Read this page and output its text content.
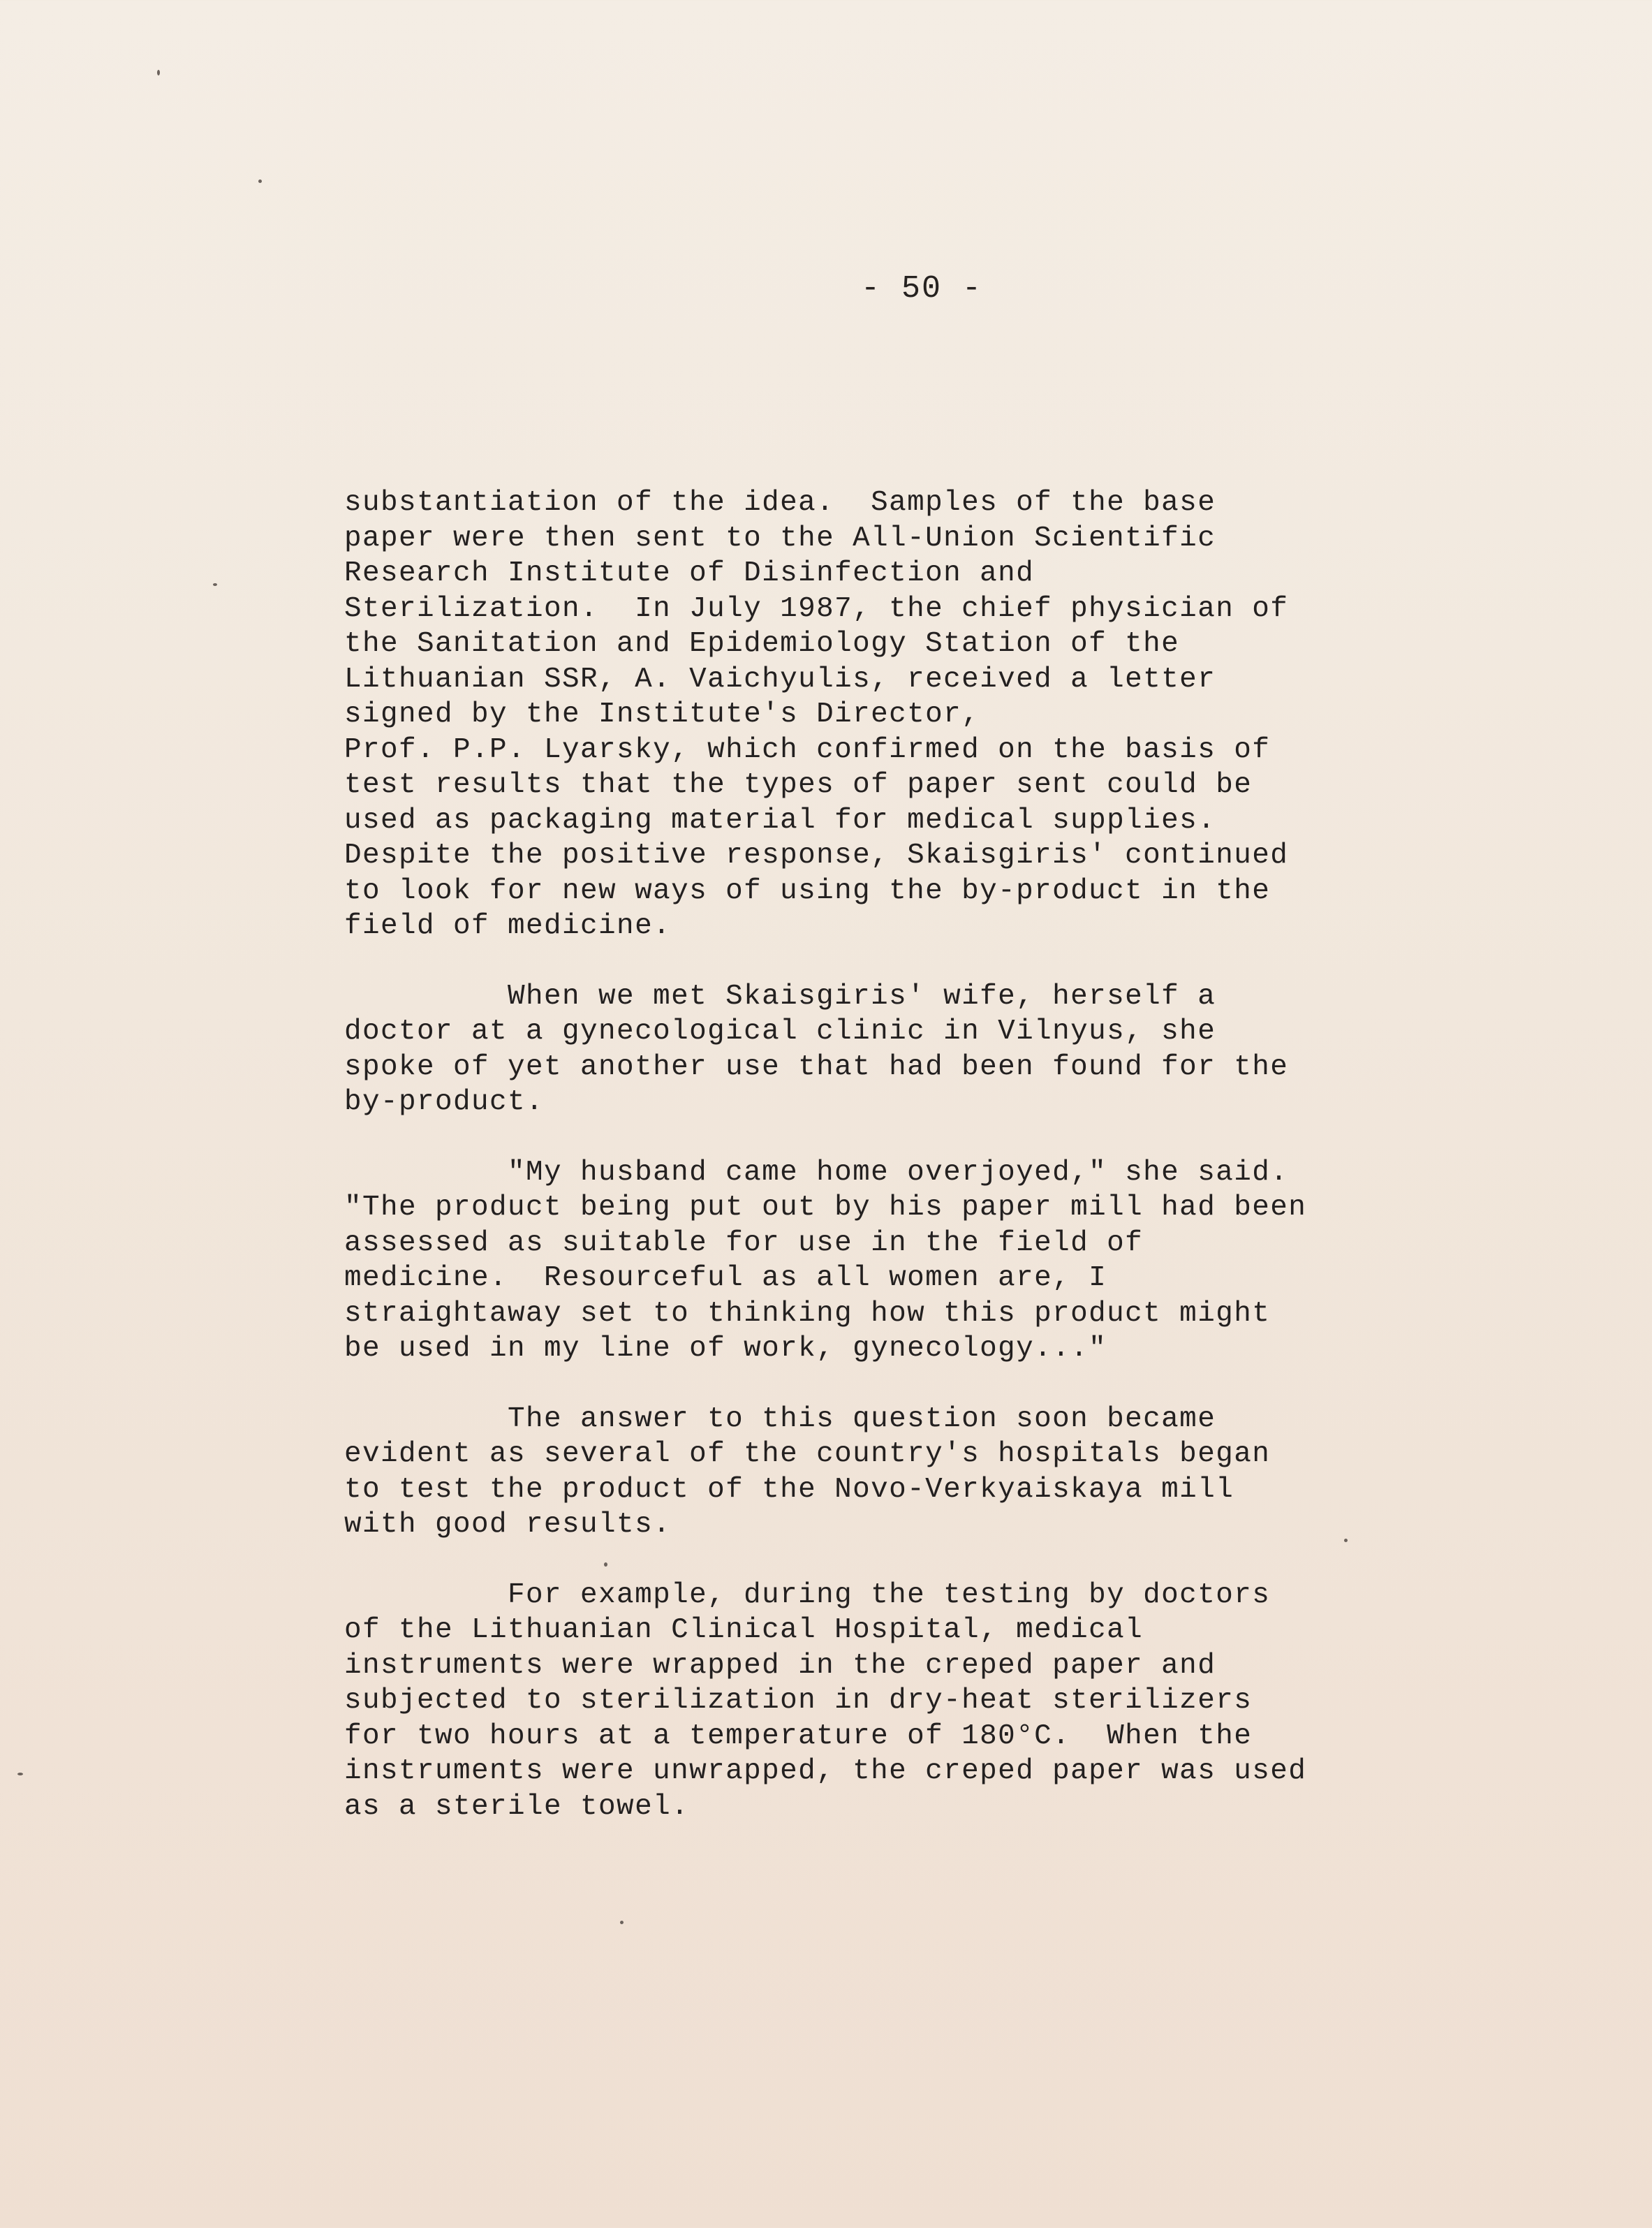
- 50 -

substantiation of the idea.  Samples of the base
paper were then sent to the All-Union Scientific
Research Institute of Disinfection and
Sterilization.  In July 1987, the chief physician of
the Sanitation and Epidemiology Station of the
Lithuanian SSR, A. Vaichyulis, received a letter
signed by the Institute's Director,
Prof. P.P. Lyarsky, which confirmed on the basis of
test results that the types of paper sent could be
used as packaging material for medical supplies.
Despite the positive response, Skaisgiris' continued
to look for new ways of using the by-product in the
field of medicine.

When we met Skaisgiris' wife, herself a
doctor at a gynecological clinic in Vilnyus, she
spoke of yet another use that had been found for the
by-product.

"My husband came home overjoyed," she said.
"The product being put out by his paper mill had been
assessed as suitable for use in the field of
medicine.  Resourceful as all women are, I
straightaway set to thinking how this product might
be used in my line of work, gynecology..."

The answer to this question soon became
evident as several of the country's hospitals began
to test the product of the Novo-Verkyaiskaya mill
with good results.

For example, during the testing by doctors
of the Lithuanian Clinical Hospital, medical
instruments were wrapped in the creped paper and
subjected to sterilization in dry-heat sterilizers
for two hours at a temperature of 180°C.  When the
instruments were unwrapped, the creped paper was used
as a sterile towel.
